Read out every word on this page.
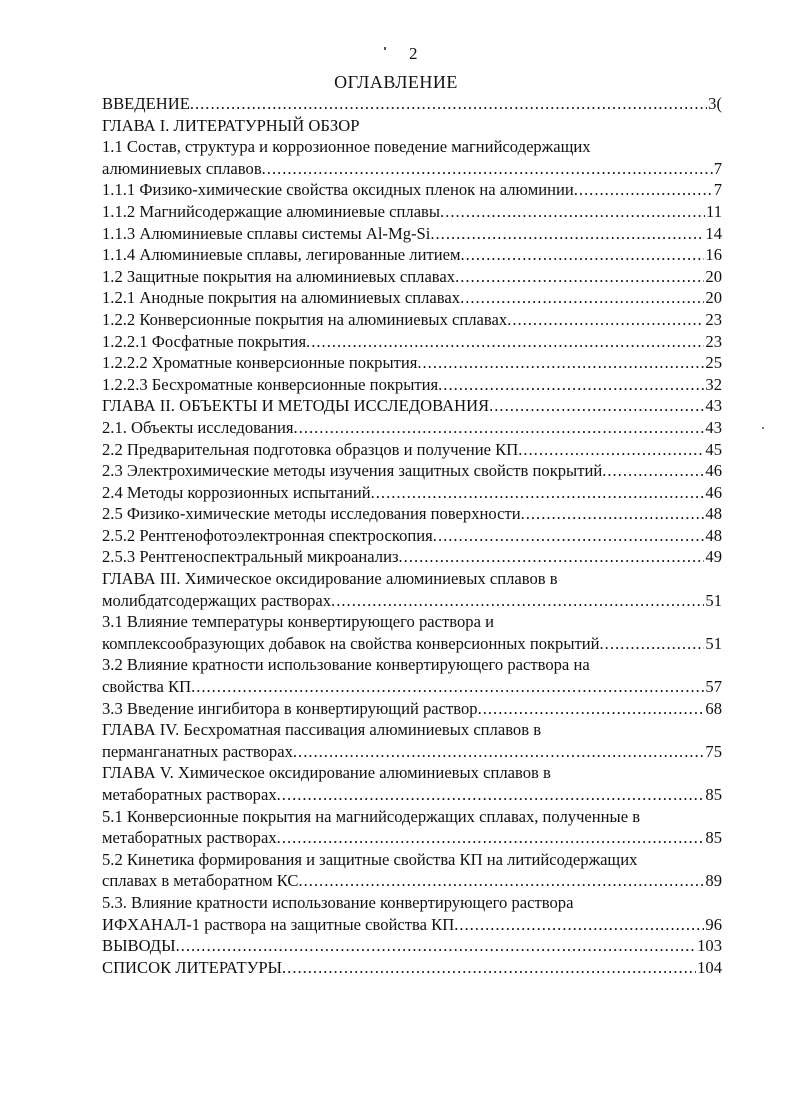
2
ОГЛАВЛЕНИЕ
ВВЕДЕНИЕ .....	3(
ГЛАВА I. ЛИТЕРАТУРНЫЙ ОБЗОР
1.1 Состав, структура и коррозионное поведение магнийсодержащих
алюминиевых сплавов .....	7
1.1.1 Физико-химические свойства оксидных пленок на алюминии .....	7
1.1.2 Магнийсодержащие алюминиевые сплавы .....	11
1.1.3 Алюминиевые сплавы системы Al-Mg-Si .....	14
1.1.4 Алюминиевые сплавы, легированные литием .....	16
1.2 Защитные покрытия на алюминиевых сплавах .....	20
1.2.1 Анодные покрытия на алюминиевых сплавах .....	20
1.2.2 Конверсионные покрытия на алюминиевых сплавах .....	23
1.2.2.1 Фосфатные покрытия .....	23
1.2.2.2 Хроматные конверсионные покрытия .....	25
1.2.2.3 Бесхроматные конверсионные покрытия .....	32
ГЛАВА II. ОБЪЕКТЫ И МЕТОДЫ ИССЛЕДОВАНИЯ .....	43
2.1. Объекты исследования .....	43
2.2 Предварительная подготовка образцов и получение КП .....	45
2.3 Электрохимические методы изучения защитных свойств покрытий .....	46
2.4 Методы коррозионных испытаний .....	46
2.5 Физико-химические методы исследования поверхности .....	48
2.5.2 Рентгенофотоэлектронная спектроскопия .....	48
2.5.3 Рентгеноспектральный микроанализ .....	49
ГЛАВА III. Химическое оксидирование алюминиевых сплавов в
молибдатсодержащих растворах .....	51
3.1 Влияние температуры конвертирующего раствора и
комплексообразующих добавок на свойства конверсионных покрытий .....	51
3.2 Влияние кратности использование конвертирующего раствора на
свойства КП .....	57
3.3 Введение ингибитора в конвертирующий раствор .....	68
ГЛАВА IV. Бесхроматная пассивация алюминиевых сплавов в
перманганатных растворах .....	75
ГЛАВА V. Химическое оксидирование алюминиевых сплавов в
метаборатных растворах .....	85
5.1 Конверсионные покрытия на магнийсодержащих сплавах, полученные в
метаборатных растворах .....	85
5.2 Кинетика формирования и защитные свойства КП на литийсодержащих
сплавах в метаборатном КС .....	89
5.3. Влияние кратности использование конвертирующего раствора
ИФХАНАЛ-1 раствора на защитные свойства КП .....	96
ВЫВОДЫ .....	103
СПИСОК ЛИТЕРАТУРЫ .....	104
